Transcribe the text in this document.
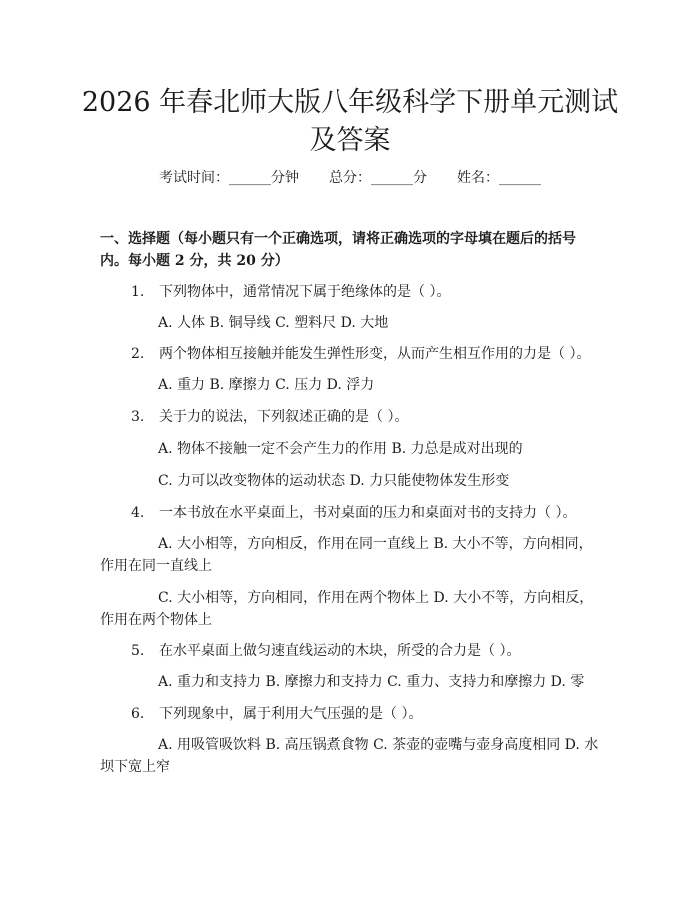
2026 年春北师大版八年级科学下册单元测试
及答案
考试时间：______分钟 总分：______分 姓名：______
一、选择题（每小题只有一个正确选项，请将正确选项的字母填在题后的括号内。每小题 2 分，共 20 分）
1. 下列物体中，通常情况下属于绝缘体的是（ ）。
A. 人体 B. 铜导线 C. 塑料尺 D. 大地
2. 两个物体相互接触并能发生弹性形变，从而产生相互作用的力是（ ）。
A. 重力 B. 摩擦力 C. 压力 D. 浮力
3. 关于力的说法，下列叙述正确的是（ ）。
A. 物体不接触一定不会产生力的作用 B. 力总是成对出现的
C. 力可以改变物体的运动状态 D. 力只能使物体发生形变
4. 一本书放在水平桌面上，书对桌面的压力和桌面对书的支持力（ ）。
A. 大小相等，方向相反，作用在同一直线上 B. 大小不等，方向相同，作用在同一直线上
C. 大小相等，方向相同，作用在两个物体上 D. 大小不等，方向相反，作用在两个物体上
5. 在水平桌面上做匀速直线运动的木块，所受的合力是（ ）。
A. 重力和支持力 B. 摩擦力和支持力 C. 重力、支持力和摩擦力 D. 零
6. 下列现象中，属于利用大气压强的是（ ）。
A. 用吸管吸饮料 B. 高压锅煮食物 C. 茶壶的壶嘴与壶身高度相同 D. 水坝下宽上窄
